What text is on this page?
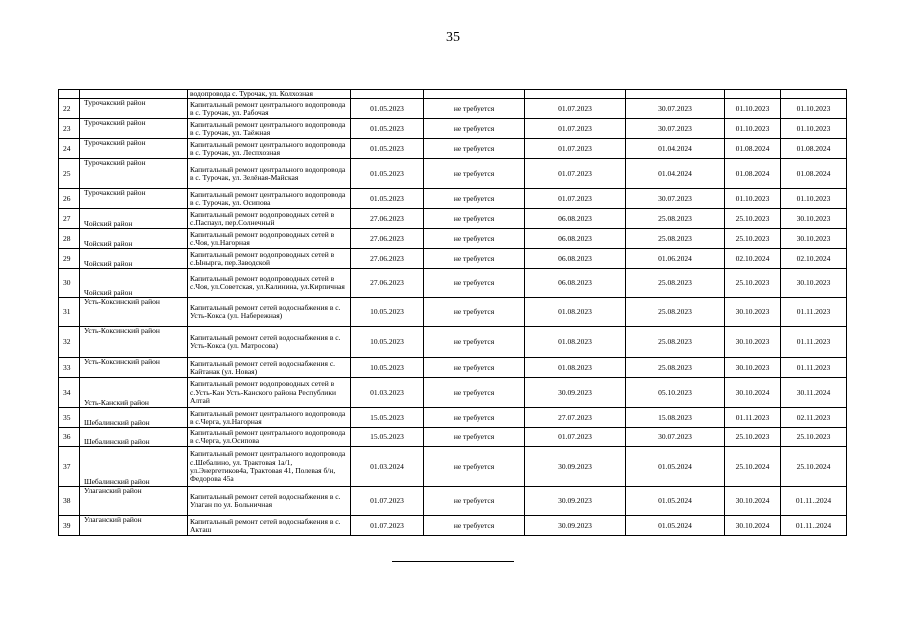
35
		водопровода с. Турочак, ул. Колхозная						
22	Турочакский район	Капитальный ремонт центрального водопровода в с. Турочак, ул. Рабочая	01.05.2023	не требуется	01.07.2023	30.07.2023	01.10.2023	01.10.2023
23	Турочакский район	Капитальный ремонт центрального водопровода в с. Турочак, ул. Таёжная	01.05.2023	не требуется	01.07.2023	30.07.2023	01.10.2023	01.10.2023
24	Турочакский район	Капитальный ремонт центрального водопровода в с. Турочак, ул. Леспхозная	01.05.2023	не требуется	01.07.2023	01.04.2024	01.08.2024	01.08.2024
25	Турочакский район	Капитальный ремонт центрального водопровода в с. Турочак, ул. Зелёная-Майская	01.05.2023	не требуется	01.07.2023	01.04.2024	01.08.2024	01.08.2024
26	Турочакский район	Капитальный ремонт центрального водопровода в с. Турочак, ул. Осипова	01.05.2023	не требуется	01.07.2023	30.07.2023	01.10.2023	01.10.2023
27	Чойский район	Капитальный ремонт водопроводных сетей в с.Паспаул, пер.Солнечный	27.06.2023	не требуется	06.08.2023	25.08.2023	25.10.2023	30.10.2023
28	Чойский район	Капитальный ремонт водопроводных сетей в с.Чоя, ул.Нагорная	27.06.2023	не требуется	06.08.2023	25.08.2023	25.10.2023	30.10.2023
29	Чойский район	Капитальный ремонт водопроводных сетей в с.Ынырга, пер.Заводской	27.06.2023	не требуется	06.08.2023	01.06.2024	02.10.2024	02.10.2024
30	Чойский район	Капитальный ремонт водопроводных сетей в с.Чоя, ул.Советская, ул.Калинина, ул.Кирпичная	27.06.2023	не требуется	06.08.2023	25.08.2023	25.10.2023	30.10.2023
31	Усть-Коксинский район	Капитальный ремонт сетей водоснабжения в с. Усть-Кокса (ул. Набережная)	10.05.2023	не требуется	01.08.2023	25.08.2023	30.10.2023	01.11.2023
32	Усть-Коксинский район	Капитальный ремонт сетей водоснабжения в с. Усть-Кокса (ул. Матросова)	10.05.2023	не требуется	01.08.2023	25.08.2023	30.10.2023	01.11.2023
33	Усть-Коксинский район	Капитальный ремонт сетей водоснабжения с. Кайтанак (ул. Новая)	10.05.2023	не требуется	01.08.2023	25.08.2023	30.10.2023	01.11.2023
34	Усть-Канский район	Капитальный ремонт водопроводных сетей в с.Усть-Кан Усть-Канского района Республики Алтай	01.03.2023	не требуется	30.09.2023	05.10.2023	30.10.2024	30.11.2024
35	Шебалинский район	Капитальный ремонт центрального водопровода в с.Черга, ул.Нагорная	15.05.2023	не требуется	27.07.2023	15.08.2023	01.11.2023	02.11.2023
36	Шебалинский район	Капитальный ремонт центрального водопровода в с.Черга, ул.Осипова	15.05.2023	не требуется	01.07.2023	30.07.2023	25.10.2023	25.10.2023
37	Шебалинский район	Капитальный ремонт центрального водопровода с.Шебалино, ул. Трактовая 1а/1, ул.Энергетиков4а, Трактовая 41, Полевая б/н, Федорова 45а	01.03.2024	не требуется	30.09.2023	01.05.2024	25.10.2024	25.10.2024
38	Улаганский район	Капитальный ремонт сетей водоснабжения в с. Улаган по ул. Больничная	01.07.2023	не требуется	30.09.2023	01.05.2024	30.10.2024	01.11..2024
39	Улаганский район	Капитальный ремонт сетей водоснабжения в с. Акташ	01.07.2023	не требуется	30.09.2023	01.05.2024	30.10.2024	01.11..2024
